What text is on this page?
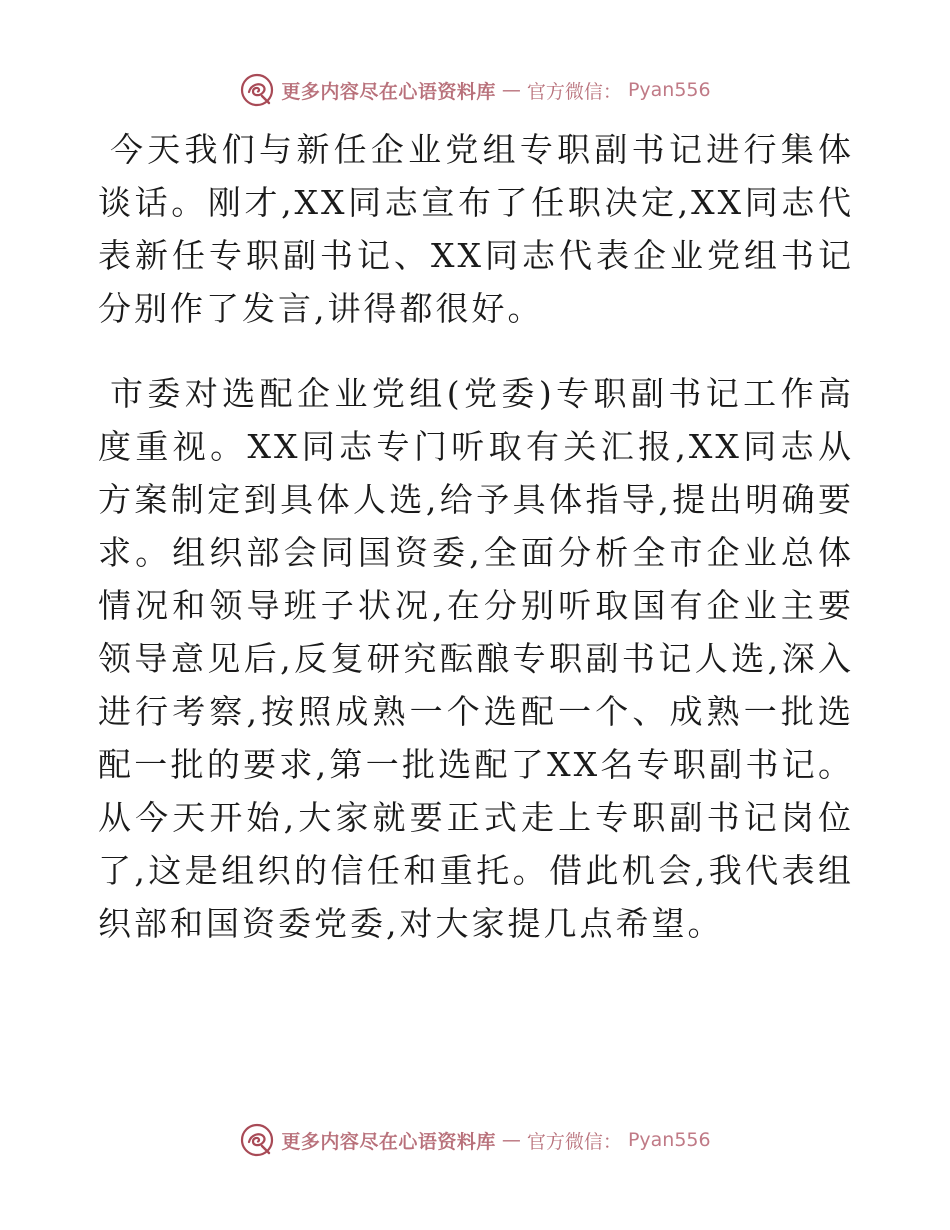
更多内容尽在心语资料库 — 官方微信： Pyan556

今天我们与新任企业党组专职副书记进行集体谈话。刚才,XX同志宣布了任职决定,XX同志代表新任专职副书记、XX同志代表企业党组书记分别作了发言,讲得都很好。

市委对选配企业党组(党委)专职副书记工作高度重视。XX同志专门听取有关汇报,XX同志从方案制定到具体人选,给予具体指导,提出明确要求。组织部会同国资委,全面分析全市企业总体情况和领导班子状况,在分别听取国有企业主要领导意见后,反复研究酝酿专职副书记人选,深入进行考察,按照成熟一个选配一个、成熟一批选配一批的要求,第一批选配了XX名专职副书记。从今天开始,大家就要正式走上专职副书记岗位了,这是组织的信任和重托。借此机会,我代表组织部和国资委党委,对大家提几点希望。

更多内容尽在心语资料库 — 官方微信： Pyan556
